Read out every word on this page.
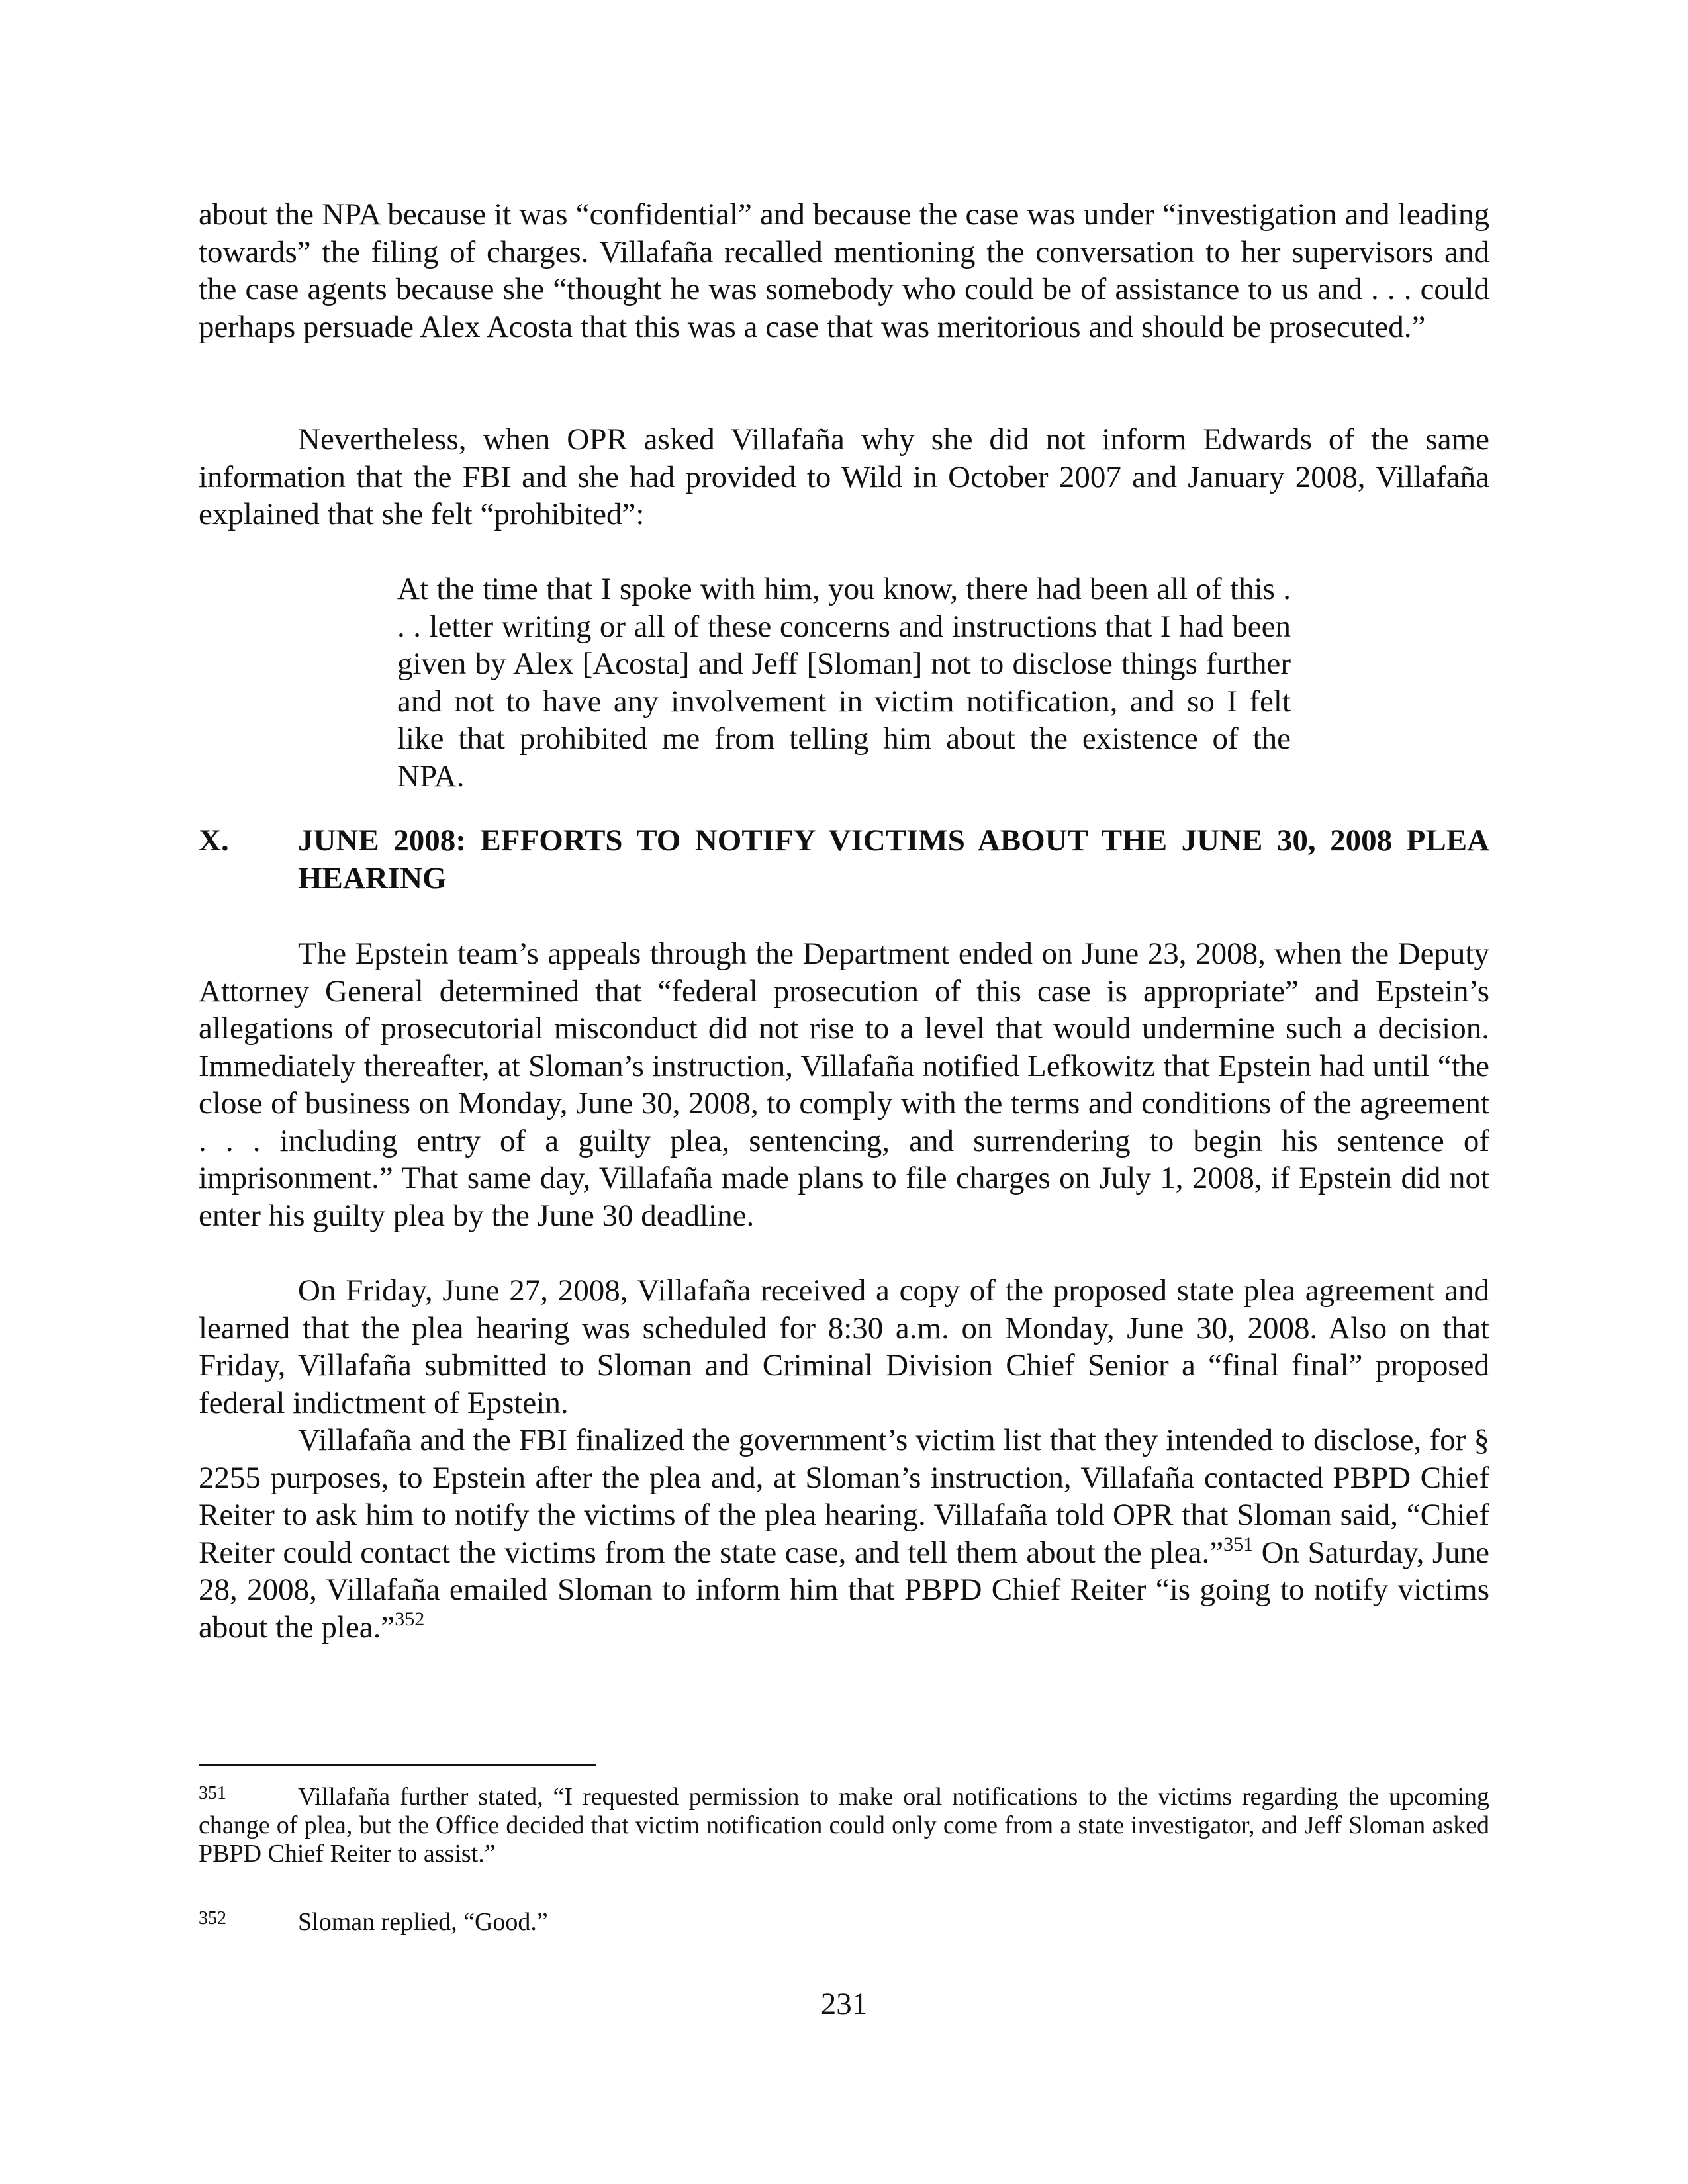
about the NPA because it was “confidential” and because the case was under “investigation and leading towards” the filing of charges. Villafaña recalled mentioning the conversation to her supervisors and the case agents because she “thought he was somebody who could be of assistance to us and . . . could perhaps persuade Alex Acosta that this was a case that was meritorious and should be prosecuted.”

Nevertheless, when OPR asked Villafaña why she did not inform Edwards of the same information that the FBI and she had provided to Wild in October 2007 and January 2008, Villafaña explained that she felt “prohibited”:

At the time that I spoke with him, you know, there had been all of this . . . letter writing or all of these concerns and instructions that I had been given by Alex [Acosta] and Jeff [Sloman] not to disclose things further and not to have any involvement in victim notification, and so I felt like that prohibited me from telling him about the existence of the NPA.

X. JUNE 2008: EFFORTS TO NOTIFY VICTIMS ABOUT THE JUNE 30, 2008 PLEA HEARING

The Epstein team’s appeals through the Department ended on June 23, 2008, when the Deputy Attorney General determined that “federal prosecution of this case is appropriate” and Epstein’s allegations of prosecutorial misconduct did not rise to a level that would undermine such a decision. Immediately thereafter, at Sloman’s instruction, Villafaña notified Lefkowitz that Epstein had until “the close of business on Monday, June 30, 2008, to comply with the terms and conditions of the agreement . . . including entry of a guilty plea, sentencing, and surrendering to begin his sentence of imprisonment.” That same day, Villafaña made plans to file charges on July 1, 2008, if Epstein did not enter his guilty plea by the June 30 deadline.

On Friday, June 27, 2008, Villafaña received a copy of the proposed state plea agreement and learned that the plea hearing was scheduled for 8:30 a.m. on Monday, June 30, 2008. Also on that Friday, Villafaña submitted to Sloman and Criminal Division Chief Senior a “final final” proposed federal indictment of Epstein.

Villafaña and the FBI finalized the government’s victim list that they intended to disclose, for § 2255 purposes, to Epstein after the plea and, at Sloman’s instruction, Villafaña contacted PBPD Chief Reiter to ask him to notify the victims of the plea hearing. Villafaña told OPR that Sloman said, “Chief Reiter could contact the victims from the state case, and tell them about the plea.”$^{351}$ On Saturday, June 28, 2008, Villafaña emailed Sloman to inform him that PBPD Chief Reiter “is going to notify victims about the plea.”$^{352}$

351	Villafaña further stated, “I requested permission to make oral notifications to the victims regarding the upcoming change of plea, but the Office decided that victim notification could only come from a state investigator, and Jeff Sloman asked PBPD Chief Reiter to assist.”

352	Sloman replied, “Good.”

231
